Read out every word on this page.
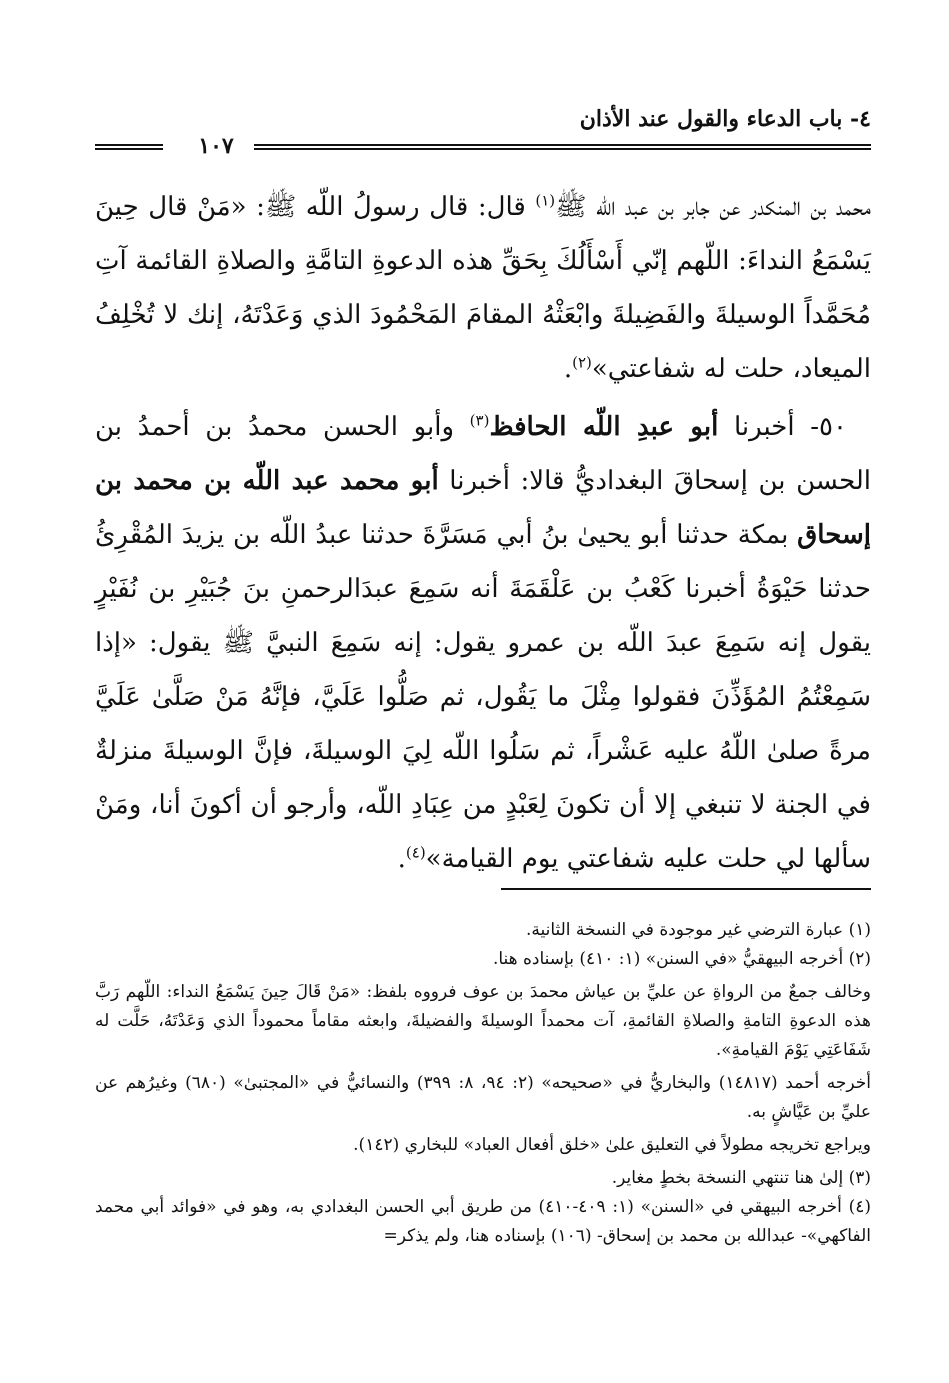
٤- باب الدعاء والقول عند الأذان
١٠٧

محمد بن المنكدر عن جابر بن عبد اللّه ﷺ$^{(١)}$ قال: قال رسولُ اللّه ﷺ: «مَنْ قال حِينَ يَسْمَعُ النداءَ: اللّهم إنّي أَسْأَلُكَ بِحَقِّ هذه الدعوةِ التامَّةِ والصلاةِ القائمة آتِ مُحَمَّداً الوسيلةَ والفَضِيلةَ وابْعَثْهُ المقامَ المَحْمُودَ الذي وَعَدْتَهُ، إنك لا تُخْلِفُ الميعاد، حلت له شفاعتي»$^{(٢)}$.

٥٠- أخبرنا أبو عبدِ اللّه الحافظ$^{(٣)}$ وأبو الحسن محمدُ بن أحمدُ بن الحسن بن إسحاقَ البغداديُّ قالا: أخبرنا أبو محمد عبد اللّه بن محمد بن إسحاق بمكة حدثنا أبو يحيىٰ بنُ أبي مَسَرَّةَ حدثنا عبدُ اللّه بن يزيدَ المُقْرِئُ حدثنا حَيْوَةُ أخبرنا كَعْبُ بن عَلْقَمَةَ أنه سَمِعَ عبدَالرحمنِ بنَ جُبَيْرِ بن نُفَيْرٍ يقول إنه سَمِعَ عبدَ اللّه بن عمرو يقول: إنه سَمِعَ النبيَّ ﷺ يقول: «إذا سَمِعْتُمُ المُؤَذِّنَ فقولوا مِثْلَ ما يَقُول، ثم صَلُّوا عَلَيَّ، فإنَّهُ مَنْ صَلَّىٰ عَلَيَّ مرةً صلىٰ اللّهُ عليه عَشْراً، ثم سَلُوا اللّه لِيَ الوسيلةَ، فإنَّ الوسيلةَ منزلةٌ في الجنة لا تنبغي إلا أن تكونَ لِعَبْدٍ من عِبَادِ اللّه، وأرجو أن أكونَ أنا، ومَنْ سألها لي حلت عليه شفاعتي يوم القيامة»$^{(٤)}$.

(١) عبارة الترضي غير موجودة في النسخة الثانية.

(٢) أخرجه البيهقيُّ «في السنن» (١: ٤١٠) بإسناده هنا.

وخالف جمعٌ من الرواةِ عن عليِّ بن عياش محمدَ بن عوف فرووه بلفظ: «مَنْ قَالَ حِينَ يَسْمَعُ النداء: اللّهم رَبَّ هذه الدعوةِ التامةِ والصلاةِ القائمةِ، آت محمداً الوسيلةَ والفضيلةَ، وابعثه مقاماً محموداً الذي وَعَدْتَهُ، حَلَّت له شَفَاعَتِي يَوْمَ القيامةِ».

أخرجه أحمد (١٤٨١٧) والبخاريُّ في «صحيحه» (٢: ٩٤، ٨: ٣٩٩) والنسائيُّ في «المجتبىٰ» (٦٨٠) وغيرُهم عن عليِّ بن عَيَّاشٍ به.

ويراجع تخريجه مطولاً في التعليق علىٰ «خلق أفعال العباد» للبخاري (١٤٢).

(٣) إلىٰ هنا تنتهي النسخة بخطٍ مغاير.

(٤) أخرجه البيهقي في «السنن» (١: ٤٠٩-٤١٠) من طريق أبي الحسن البغدادي به، وهو في «فوائد أبي محمد الفاكهي»- عبدالله بن محمد بن إسحاق- (١٠٦) بإسناده هنا، ولم يذكر=
